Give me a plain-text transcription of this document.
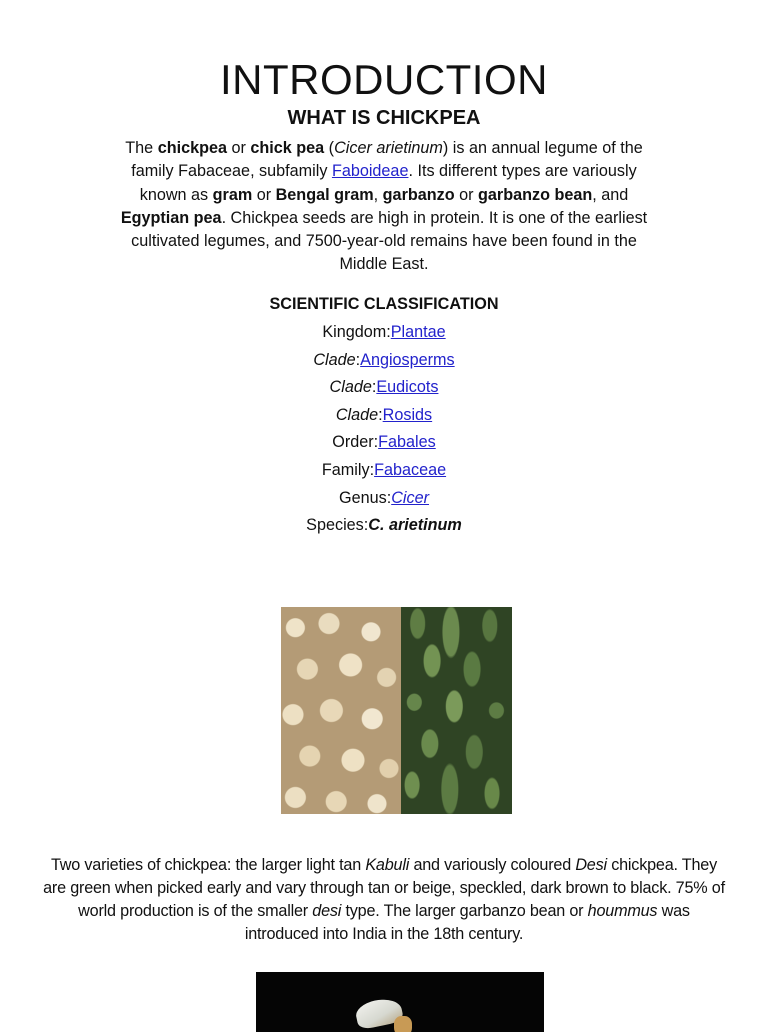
INTRODUCTION
WHAT IS CHICKPEA

The chickpea or chick pea (Cicer arietinum) is an annual legume of the family Fabaceae, subfamily Faboideae. Its different types are variously known as gram or Bengal gram, garbanzo or garbanzo bean, and Egyptian pea. Chickpea seeds are high in protein. It is one of the earliest cultivated legumes, and 7500-year-old remains have been found in the Middle East.

SCIENTIFIC CLASSIFICATION
Kingdom:Plantae
Clade:Angiosperms
Clade:Eudicots
Clade:Rosids
Order:Fabales
Family:Fabaceae
Genus:Cicer
Species:C. arietinum

Two varieties of chickpea: the larger light tan Kabuli and variously coloured Desi chickpea. They are green when picked early and vary through tan or beige, speckled, dark brown to black. 75% of world production is of the smaller desi type. The larger garbanzo bean or hoummus was introduced into India in the 18th century.
